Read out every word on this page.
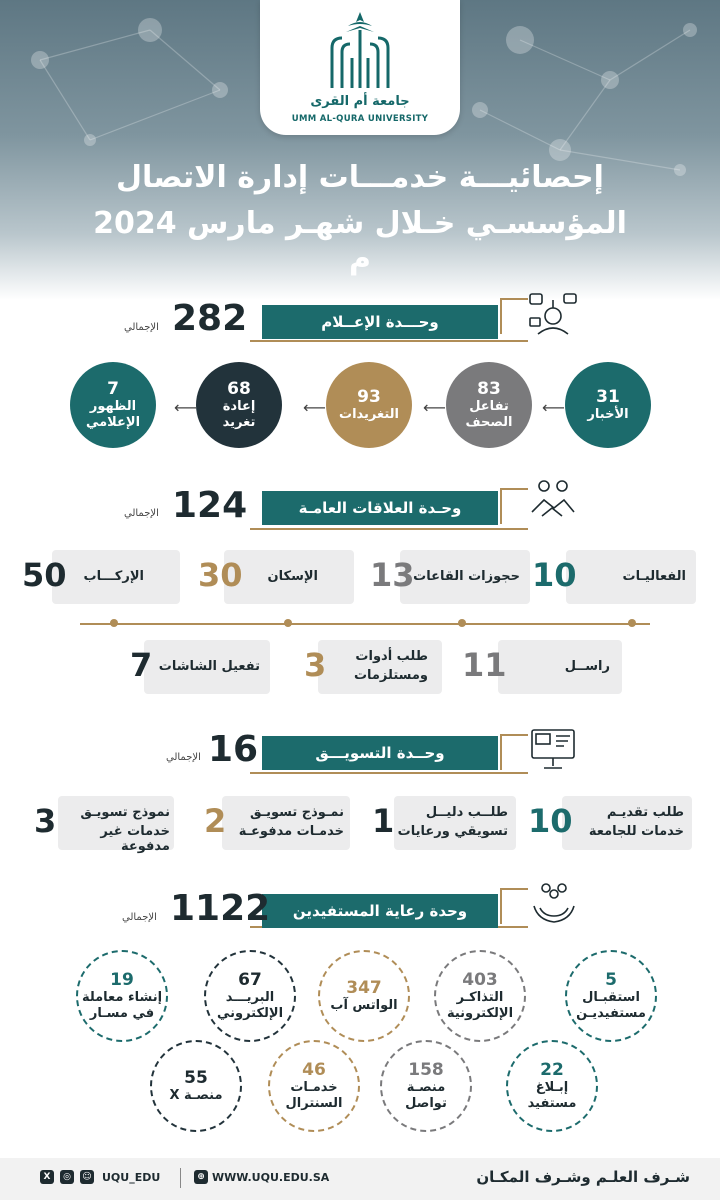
جامعة أم القرى
UMM AL-QURA UNIVERSITY
إحصائيـــة خدمـــات إدارة الاتصال
المؤسسـي خـلال شهـر مارس 2024 م
وحـــدة الإعــلام
282
الإجمالي
31
الأخبار
⟵
83
تفاعل
الصحف
⟵
93
التغريدات
⟵
68
إعادة
تغريد
⟵
7
الظهور
الإعلامي
وحـدة العلاقات العامـة
124
الإجمالي
الفعاليـات
10
حجوزات القاعات
13
الإسكان
30
الإركـــاب
50
راســل
11
طلب أدوات
ومستلزمات
3
تفعيل الشاشات
7
وحــدة التسويـــق
16
الإجمالي
طلب تقديـم
خدمات للجامعة
10
طلــب دليــل
تسويقي ورعايات
1
نمـوذج تسويـق
خدمـات مدفوعـة
2
نموذج تسويـق
خدمات غير مدفوعة
3
وحدة رعاية المستفيدين
1122
الإجمالي
5
استقبـال
مستفيديـن
403
التذاكـر
الإلكترونية
347
الواتس آب
67
البريـــد
الإلكتروني
19
إنشاء معاملة
في مسـار
22
إبـلاغ
مستفيد
158
منصـة
تواصل
46
خدمـات
السنترال
55
منصـة X
X	◎	☺ UQU_EDU	⊕ WWW.UQU.EDU.SA	شـرف العلـم وشـرف المكـان
